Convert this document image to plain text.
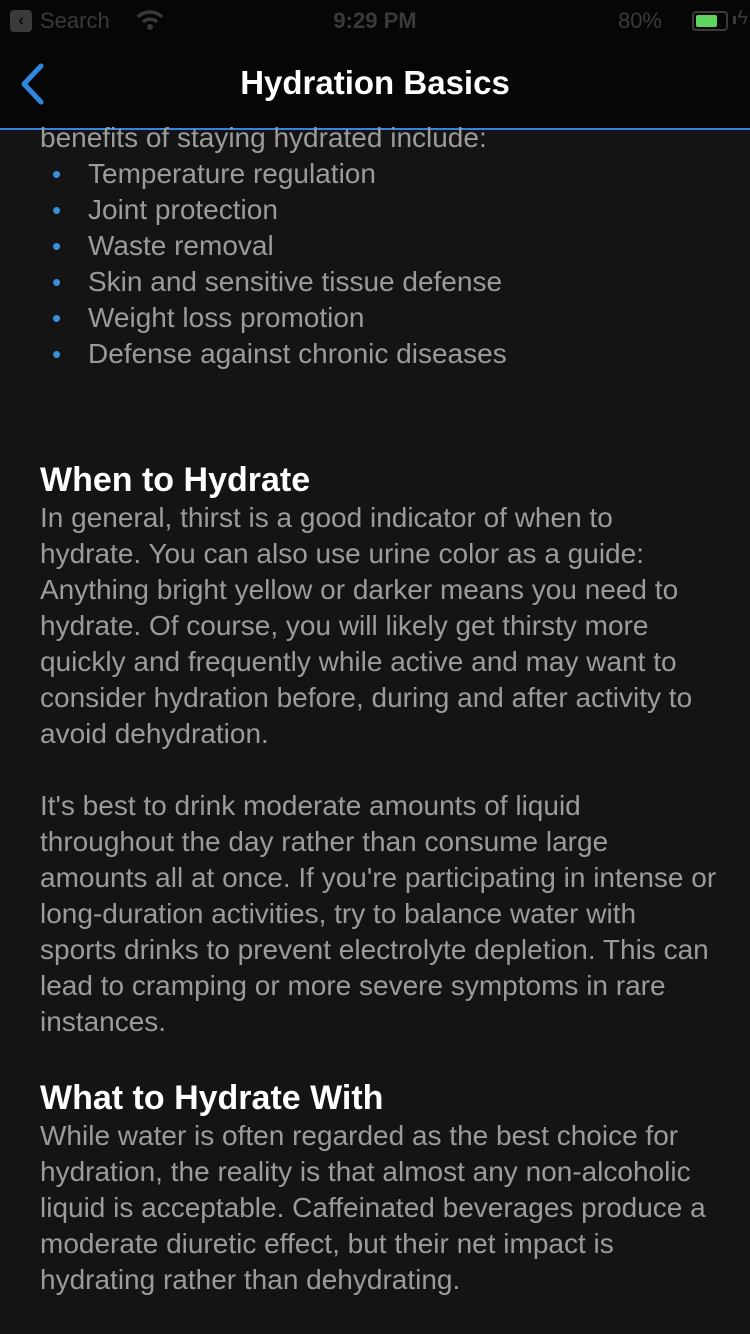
‹ Search	9:29 PM	80%	ϟ
Hydration Basics

benefits of staying hydrated include:

• Temperature regulation
• Joint protection
• Waste removal
• Skin and sensitive tissue defense
• Weight loss promotion
• Defense against chronic diseases
When to Hydrate

In general, thirst is a good indicator of when to hydrate. You can also use urine color as a guide: Anything bright yellow or darker means you need to hydrate. Of course, you will likely get thirsty more quickly and frequently while active and may want to consider hydration before, during and after activity to avoid dehydration.

It's best to drink moderate amounts of liquid throughout the day rather than consume large amounts all at once. If you're participating in intense or long-duration activities, try to balance water with sports drinks to prevent electrolyte depletion. This can lead to cramping or more severe symptoms in rare instances.

What to Hydrate With

While water is often regarded as the best choice for hydration, the reality is that almost any non-alcoholic liquid is acceptable. Caffeinated beverages produce a moderate diuretic effect, but their net impact is hydrating rather than dehydrating.
